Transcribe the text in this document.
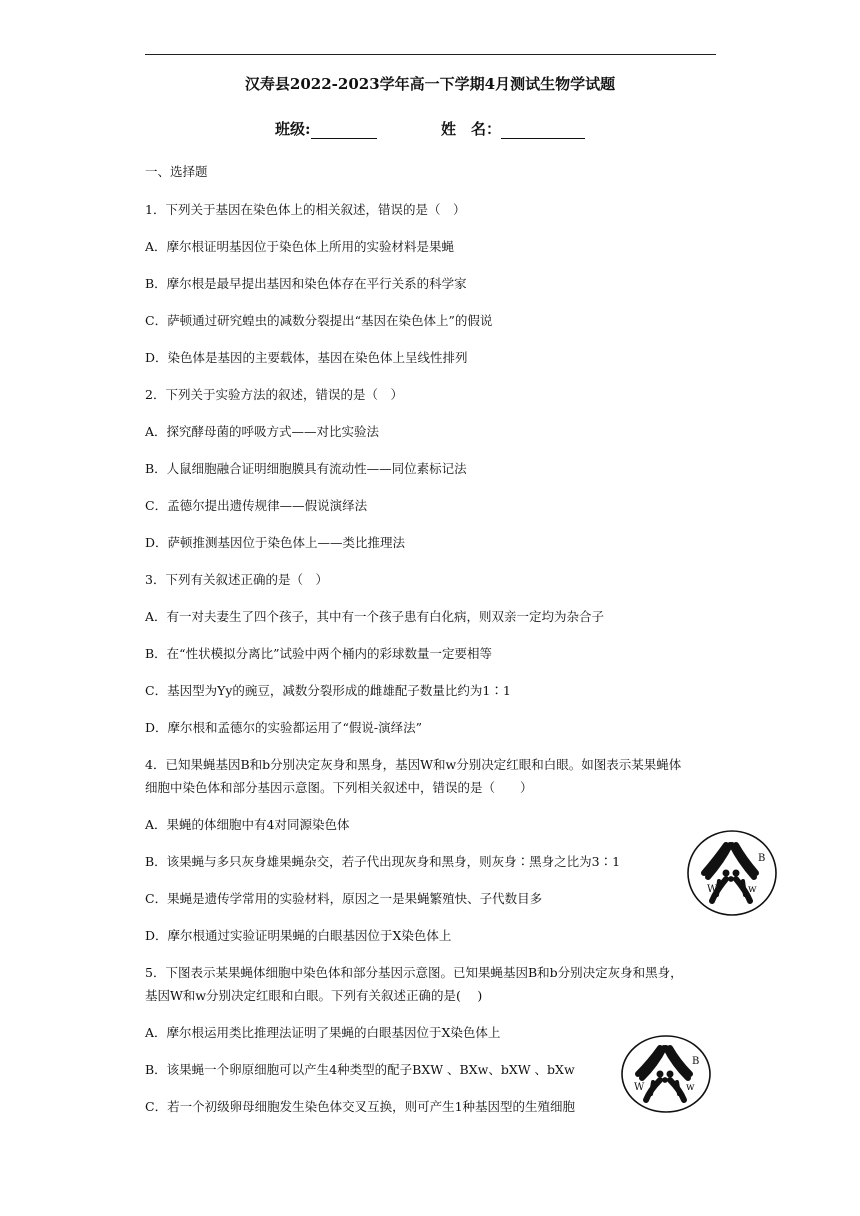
汉寿县2022-2023学年高一下学期4月测试生物学试题
班级:	姓　名：
一、选择题
1．下列关于基因在染色体上的相关叙述，错误的是（　）
A．摩尔根证明基因位于染色体上所用的实验材料是果蝇
B．摩尔根是最早提出基因和染色体存在平行关系的科学家
C．萨顿通过研究蝗虫的减数分裂提出“基因在染色体上”的假说
D．染色体是基因的主要载体，基因在染色体上呈线性排列
2．下列关于实验方法的叙述，错误的是（　）
A．探究酵母菌的呼吸方式——对比实验法
B．人鼠细胞融合证明细胞膜具有流动性——同位素标记法
C．孟德尔提出遗传规律——假说演绎法
D．萨顿推测基因位于染色体上——类比推理法
3．下列有关叙述正确的是（　）
A．有一对夫妻生了四个孩子，其中有一个孩子患有白化病，则双亲一定均为杂合子
B．在“性状模拟分离比”试验中两个桶内的彩球数量一定要相等
C．基因型为Yy的豌豆，减数分裂形成的雌雄配子数量比约为1∶1
D．摩尔根和孟德尔的实验都运用了“假说-演绎法”
4．已知果蝇基因B和b分别决定灰身和黑身，基因W和w分别决定红眼和白眼。如图表示某果蝇体
细胞中染色体和部分基因示意图。下列相关叙述中，错误的是（　　）
A．果蝇的体细胞中有4对同源染色体
B．该果蝇与多只灰身雄果蝇杂交，若子代出现灰身和黑身，则灰身∶黑身之比为3∶1
C．果蝇是遗传学常用的实验材料，原因之一是果蝇繁殖快、子代数目多
D．摩尔根通过实验证明果蝇的白眼基因位于X染色体上
B
W	w
b
5．下图表示某果蝇体细胞中染色体和部分基因示意图。已知果蝇基因B和b分别决定灰身和黑身，
基因W和w分别决定红眼和白眼。下列有关叙述正确的是(　 )
A．摩尔根运用类比推理法证明了果蝇的白眼基因位于X染色体上
B．该果蝇一个卵原细胞可以产生4种类型的配子BXW 、BXw、bXW 、bXw
C．若一个初级卵母细胞发生染色体交叉互换，则可产生1种基因型的生殖细胞
B
W	w
b
